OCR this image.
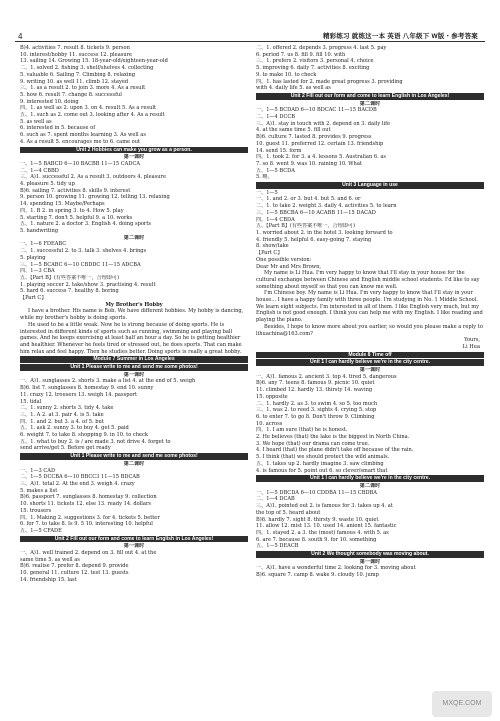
4	精彩练习 就练这一本 英语 八年级下 W版・参考答案
B)4. activities 7. result 8. tickets 9. person
10. interest/hobby 11. success 12. pleasure
13. sailing 14. Growing 15. 18-year-old/eighteen-year-old
二、1. solved 2. fishing 3. shelf/shelves 4. collecting
5. valuable 6. Sailing 7. Climbing 8. relaxing
9. writing 10. as well 11. climb 12. stayed
三、1. as a result 2. to join 3. more 4. As a result
5. how 6. result 7. change 8. successful
9. interested 10. doing
四、1. as well as 2. upon 3. on 4. result 5. As a result
五、1. such as 2. come out 3. looking after 4. As a result
5. as well as
6. interested in 5. because of
6. such as 7. spent months learning 3. As well as
4. As a result 5. encourages me to 6. came out
Unit 2 Hobbies can make you grow as a person.
第一课时
一、1—5 BABCD 6—10 BACBB 11—15 CADCA
二、1—4 CBBD
三、A)1. successful 2. As a result 3. outdoors 4. pleasure
4. pleasure 5. tidy up
B)6. sailing 7. activities 8. skills 9. interest
9. person 10. growing 11. growing 12. telling 13. relaxing
14. spending 15. Maybe/Perhaps
四、1. B 2. in spring 3. to 4. How 5. play
5. starting 7. don't 5. helpful 9. a 10. works
五、1. nature 2. a doctor 3. English 4. doing sports
5. handwriting
第二课时
一、1—6 FDEABC
二、1. successful 2. to 3. talk 3. shelves 4. brings
5. playing
三、1—5 BCABC 6—10 CBDDC 11—15 ADCBA
四、1—3 CBA
五、【Part B】(有些答案不唯一，合理即可)
1. playing soccer 2. take/show 3. practising 4. result
5. hard 6. success 7. healthy 8. boring
【Part C】
My Brother's Hobby
I have a brother. His name is Bob. We have different hobbies. My hobby is dancing, while my brother's hobby is doing sports.
He used to be a little weak. Now he is strong because of doing sports. He is interested in different kinds of sports such as running, swimming and playing ball games. And he keeps exercising at least half an hour a day. So he is getting healthier and healthier. Whenever he feels tired or stressed out, he does sports. That can make him relax and feel happy. Then he studies better. Doing sports is really a great hobby.
Module 7 Summer in Los Angeles
Unit 1 Please write to me and send me some photos!
第一课时
一、A)1. sunglasses 2. shorts 3. make a list 4. at the end of 5. weigh
B)6. list 7. sunglasses 8. homestay 9. end 10. sunny
11. crazy 12. trousers 13. weigh 14. passport
15. tidal
二、1. sunny 2. shorts 3. tidy 4. take
三、1. A 2. at 3. pair 4. is 5. take
四、1. and 2. but 3. a 4. of 5. but
五、1. ask 2. sunny 3. to buy 4. get 5. paid
6. weight 7. to take 8. shopping 9. in 10. to check
五、1. what to buy 2. is / are made 3. not drive 4. forget to
send arrive/get 5. Before get ready
Unit 1 Please write to me and send me some photos!
第二课时
一、1—3 CAD
二、1—5 DCCBA 6—10 BBCC3 11—15 BDCAB
三、A)1. total 2. At the end 3. weigh 4. crazy
5. makes a list
B)6. passport 7. sunglasses 8. homestay 9. collection
10. shorts 11. tickets 12. else 13. ready 14. dollars
15. trousers
四、1. Making 2. suggestions 3. for 4. tickets 5. better
6. for 7. to take 8. Is 9. 5 10. interesting 10. helpful
五、1—5 CFADE
Unit 2 Fill out our form and come to learn English in Los Angeles!
第一课时
一、A)1. well trained 2. depend on 3. fill out 4. at the
same time 5. as well as
B)6. realise 7. prefer 8. depend 9. provide
10. general 11. culture 12. test 13. guests
14. friendship 15. last
二、1. offered 2. depends 3. progress 4. last 5. pay
6. period 7. us 8. fill 9. fill 10. with
三、1. prefers 2. visitors 3. personal 4. choice
5. improving 6. daily 7. activities 8. exciting
9. to make 10. to check
四、1. has lasted for 2. made great progress 3. providing
with 4. daily life 5. as well as
Unit 2 Fill out our form and come to learn English in Los Angeles!
第二课时
一、1—5 BCDAD 6—10 BDCAC 11—15 BACDB
二、1—4 DCCB
三、A)1. stay in touch with 2. depend on 3. daily life
4. at the same time 5. fill out
B)6. culture 7. lasted 8. provides 9. progress
10. guest 11. preferred 12. certain 13. friendship
14. send 15. form
四、1. took 2. for 3. a 4. lessons 5. Australian 6. as
7. so 8. went 9. was 10. raining 10. What
五、1—5 BCDA
5. 略。
Unit 3 Language in use
一、1—5
一、1. and 2. or 3. but 4. but 5. and 6. or
二、1. to take 2. weight 3. daily 4. activities 5. to learn
三、1—5 BBCBA 6—10 ACABB 11—15 DACAD
四、1—4 CBDA
五、【Part B】(有些答案不唯一，合理即可)
1. worried about 2. in the hotel 3. looking forward to
4. friendly 5. helpful 6. easy-going 7. staying
8. show/take
【Part C】
One possible version:
Dear Mr and Mrs Brown,
My name is Li Hua. I'm very happy to know that I'll stay in your house for the cultural exchange between Chinese and English middle school students. I'd like to say something about myself so that you can know me well.
I'm Chinese boy. My name is Li Hua. I'm very happy to know that I'll stay in your house... I have a happy family with three people. I'm studying in No. 1 Middle School. We learn eight subjects. I'm interested in all of them. I like English very much, but my English is not good enough. I think you can help me with my English. I like reading and playing the piano.
Besides, I hope to know more about you earlier, so would you please make a reply to lihuachina@163.com?
Yours,
Li Hua
Module 8 Time off
Unit 1 I can hardly believe we're in the city centre.
第一课时
一、A)1. famous 2. ancient 3. top 4. tired 5. dangerous
B)6. any 7. teens 8. famous 9. picnic 10. quiet
11. climbed 12. hardly 13. thirsty 14. waving
15. opposite
二、1. hardly 2. as 3. to swim 4. so 5. too much
三、1. was 2. to reed 3. sights 4. crying 5. stop
6. to enter 7. to go 8. Don't throw 9. Climbing
10. across
四、1. I am sure (that) he is honest.
2. He believes (that) the lake is the biggest in North China.
3. We hope (that) our drama can come true.
4. I heard (that) the plane didn't take off because of the rain.
5. I think (that) we should protect the wild animals.
五、1. takes up 2. hardly imagine 3. saw climbing
4. is famous for 5. point out 6. so clever/smart that
Unit 1 I can hardly believe we're in the city centre.
第二课时
一、1—5 DBCDA 6—10 CDDBA 11—15 CBDBA
二、1—4 DCAB
三、A)1. pointed out 2. is famous for 3. takes up 4. at
the top of 5. heard about
B)6. hardly 7. sight 8. thirsty 9. waste 10. quiet
11. allow 12. mist 13. 10. used 14. anient 15. fantastic
四、1. stayed 2. a 3. the (most) famous 4. with 5. as
6. are 7. because 8. south 9. for 10. something
五、1—5 DEACB
Unit 2 We thought somebody was moving about.
第一课时
一、A)1. have a wonderful time 2. looking for 3. moving about
B)6. square 7. camp 8. wake 9. cloudy 10. jump
MXQE.COM
